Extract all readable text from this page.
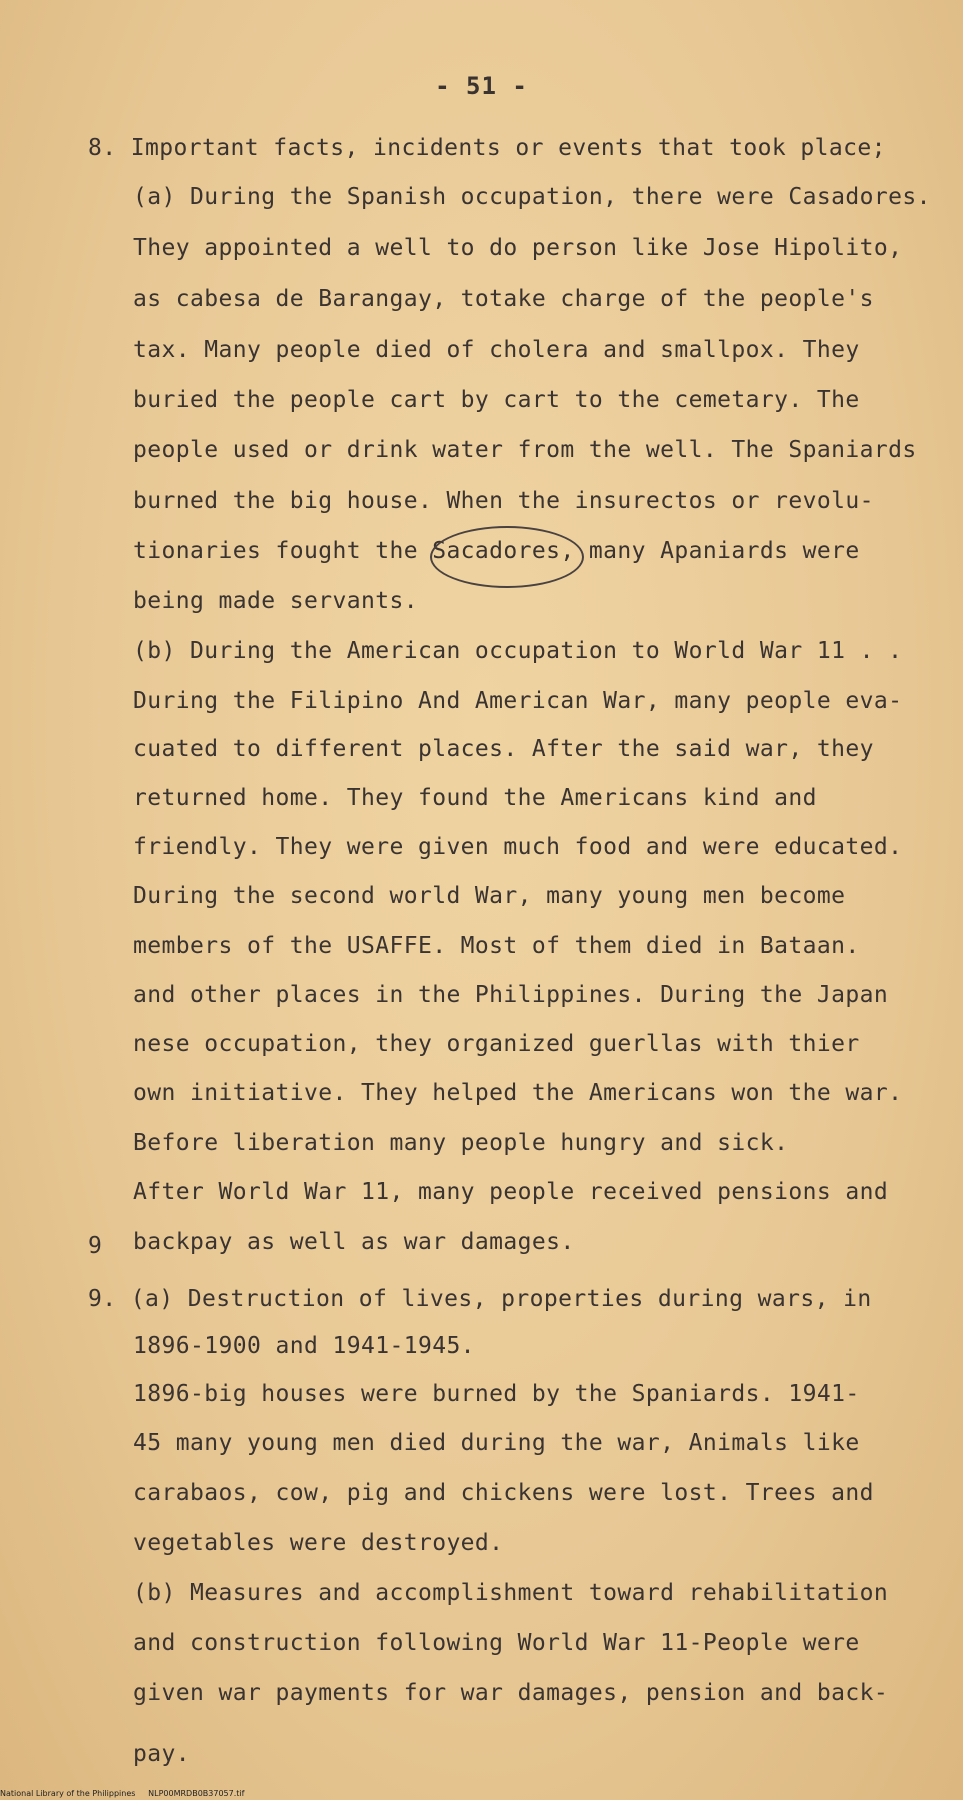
- 51 -
8. Important facts, incidents or events that took place;
(a) During the Spanish occupation, there were Casadores.
They appointed a well to do person like Jose Hipolito,
as cabesa de Barangay, totake charge of the people's
tax. Many people died of cholera and smallpox. They
buried the people cart by cart to the cemetary. The
people used or drink water from the well. The Spaniards
burned the big house. When the insurectos or revolu-
tionaries fought the Sacadores, many Apaniards were
being made servants.
(b) During the American occupation to World War 11 . .
During the Filipino And American War, many people eva-
cuated to different places. After the said war, they
returned home. They found the Americans kind and
friendly. They were given much food and were educated.
During the second world War, many young men become
members of the USAFFE. Most of them died in Bataan.
and other places in the Philippines. During the Japan
nese occupation, they organized guerllas with thier
own initiative. They helped the Americans won the war.
Before liberation many people hungry and sick.
After World War 11, many people received pensions and
9 backpay as well as war damages.
9. (a) Destruction of lives, properties during wars, in
1896-1900 and 1941-1945.
1896-big houses were burned by the Spaniards. 1941-
45 many young men died during the war, Animals like
carabaos, cow, pig and chickens were lost. Trees and
vegetables were destroyed.
(b) Measures and accomplishment toward rehabilitation
and construction following World War 11-People were
given war payments for war damages, pension and back-
pay.
National Library of the Philippines     NLP00MRDB0B37057.tif
